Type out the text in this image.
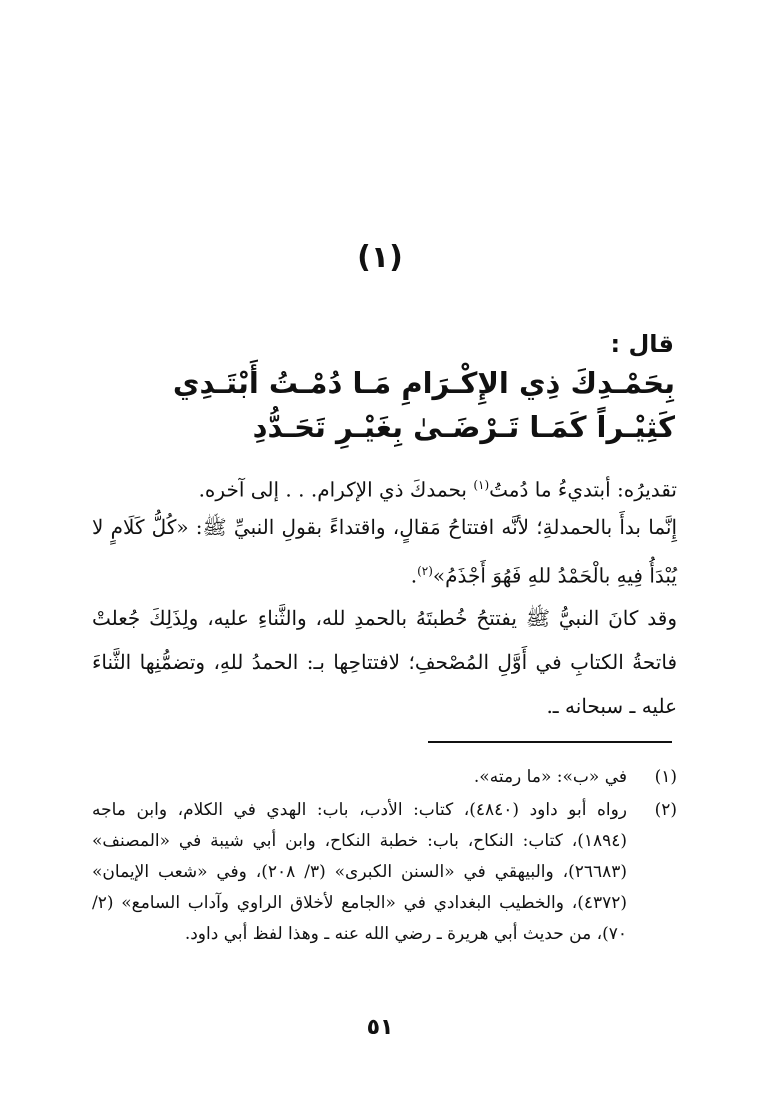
(١)
قال :
بِحَمْـدِكَ ذِي الإِكْـرَامِ مَـا دُمْـتُ أَبْتَـدِي
كَثِيْـراً كَمَـا تَـرْضَـىٰ بِغَيْـرِ تَحَـدُّدِ
تقديرُه: أبتديءُ ما دُمتُ$^{(١)}$ بحمدكَ ذي الإكرام. . . إلى آخره.
إِنَّما بدأَ بالحمدلةِ؛ لأنَّه افتتاحُ مَقالٍ، واقتداءً بقولِ النبيِّ ﷺ: «كُلُّ كَلَامٍ لا يُبْدَأُ فِيهِ بالْحَمْدُ للهِ فَهُوَ أَجْذَمُ»$^{(٢)}$.
وقد كانَ النبيُّ ﷺ يفتتحُ خُطبتَهُ بالحمدِ لله، والثَّناءِ عليه، ولِذَلِكَ جُعلتْ فاتحةُ الكتابِ في أَوَّلِ المُصْحفِ؛ لافتتاحِها بـ: الحمدُ للهِ، وتضمُّنِها الثَّناءَ عليه ـ سبحانه ـ.
(١)في «ب»: «ما رمته».
(٢)
رواه أبو داود (٤٨٤٠)، كتاب: الأدب، باب: الهدي في الكلام، وابن ماجه (١٨٩٤)، كتاب: النكاح، باب: خطبة النكاح، وابن أبي شيبة في «المصنف» (٢٦٦٨٣)، والبيهقي في «السنن الكبرى» (٣/ ٢٠٨)، وفي «شعب الإيمان» (٤٣٧٢)، والخطيب البغدادي في «الجامع لأخلاق الراوي وآداب السامع» (٢/ ٧٠)، من حديث أبي هريرة ـ رضي الله عنه ـ وهذا لفظ أبي داود.
٥١
